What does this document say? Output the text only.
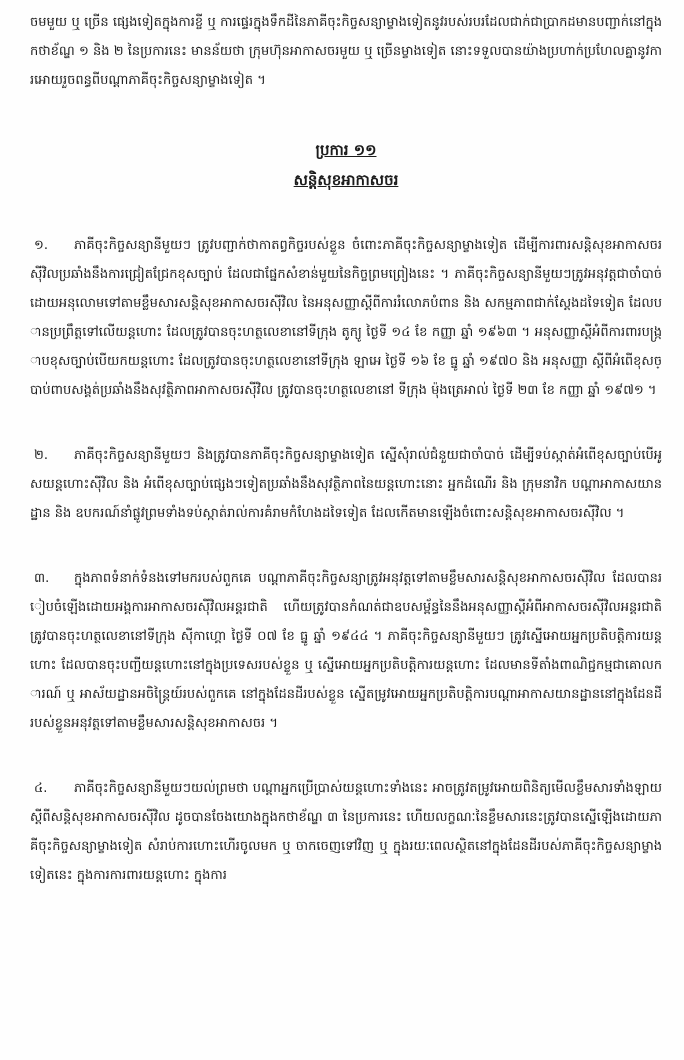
ចមមួយ ឬ ច្រើន ផ្សេងទៀតក្នុងការខ្ចី ឬ ការផ្ទេរក្នុងទឹកដីនៃភាគីចុះកិច្ចសន្យាម្ខាងទៀតនូវរបស់របរដែលជាក់ជាប្រាកដមានបញ្ជាក់នៅក្នុងកថាខ័ណ្ឌ ១ និង ២ នៃប្រការនេះ មានន័យថា ក្រុមហ៊ុនអាកាសចរមួយ ឬ ច្រើនម្ខាងទៀត នោះទទួលបានយ៉ាងប្រហាក់ប្រហែលគ្នានូវការអោយរួចពន្ធពីបណ្តាភាគីចុះកិច្ចសន្យាម្ខាងទៀត ។

ប្រការ ១១
សន្តិសុខអាកាសចរ

១. ភាគីចុះកិច្ចសន្យានីមួយៗ ត្រូវបញ្ជាក់ថាកាតព្វកិច្ចរបស់ខ្លួន ចំពោះភាគីចុះកិច្ចសន្យាម្ខាងទៀត ដើម្បីការពារសន្តិសុខអាកាសចរស៊ីវិលប្រឆាំងនឹងការជ្រៀតជ្រែកខុសច្បាប់ ដែលជាផ្នែកសំខាន់មួយនៃកិច្ចព្រមព្រៀងនេះ ។ ភាគីចុះកិច្ចសន្យានីមួយៗត្រូវអនុវត្តជាចាំបាច់ដោយអនុលោមទៅតាមខ្លឹមសារសន្តិសុខអាកាសចរស៊ីវិល នៃអនុសញ្ញាស្តីពីការរំលោភបំពាន និង សកម្មភាពជាក់ស្តែងដទៃទៀត ដែលបានប្រព្រឹត្តទៅលើយន្តហោះ ដែលត្រូវបានចុះហត្ថលេខានៅទីក្រុង តូក្យូ ថ្ងៃទី ១៤ ខែ កញ្ញា ឆ្នាំ ១៩៦៣ ។ អនុសញ្ញាស្តីអំពីការពារបង្ក្រាបខុសច្បាប់បើយកយន្តហោះ ដែលត្រូវបានចុះហត្ថលេខានៅទីក្រុង ឡាអេ ថ្ងៃទី ១៦ ខែ ធ្នូ ឆ្នាំ ១៩៧០ និង អនុសញ្ញា ស្តីពីអំពើខុសច្បាប់ពាបសង្គត់ប្រឆាំងនឹងសុវត្ថិភាពអាកាសចរស៊ីវិល ត្រូវបានចុះហត្ថលេខានៅ ទីក្រុង ម៉ុងត្រេអាល់ ថ្ងៃទី ២៣ ខែ កញ្ញា ឆ្នាំ ១៩៧១ ។

២. ភាគីចុះកិច្ចសន្យានីមួយៗ និងត្រូវបានភាគីចុះកិច្ចសន្យាម្ខាងទៀត ស្នើសុំរាល់ជំនួយជាចាំបាច់ ដើម្បីទប់ស្កាត់អំពើខុសច្បាប់បើអូសយន្តហោះស៊ីវិល និង អំពើខុសច្បាប់ផ្សេងៗទៀតប្រឆាំងនឹងសុវត្ថិភាពនៃយន្តហោះនោះ អ្នកដំណើរ និង ក្រុមនាវិក បណ្តាអាកាសយានដ្ឋាន និង ឧបករណ៍នាំផ្លូវព្រមទាំងទប់ស្កាត់រាល់ការគំរាមកំហែងដទៃទៀត ដែលកើតមានឡើងចំពោះសន្តិសុខអាកាសចរស៊ីវិល ។

៣. ក្នុងភាពទំនាក់ទំនងទៅមករបស់ពួកគេ បណ្តាភាគីចុះកិច្ចសន្យាត្រូវអនុវត្តទៅតាមខ្លឹមសារសន្តិសុខអាកាសចរស៊ីវិល ដែលបានរៀបចំឡើងដោយអង្គការអាកាសចរស៊ីវិលអន្តរជាតិ ហើយត្រូវបានកំណត់ជាឧបសម្ព័ន្ធនៃនឹងអនុសញ្ញាស្តីអំពីអាកាសចរស៊ីវិលអន្តរជាតិ ត្រូវបានចុះហត្ថលេខានៅទីក្រុង ស៊ីកាហ្គោ ថ្ងៃទី ០៧ ខែ ធ្នូ ឆ្នាំ ១៩៤៤ ។ ភាគីចុះកិច្ចសន្យានីមួយៗ ត្រូវស្នើអោយអ្នកប្រតិបត្តិការយន្តហោះ ដែលបានចុះបញ្ជីយន្តហោះនៅក្នុងប្រទេសរបស់ខ្លួន ឬ ស្នើអោយអ្នកប្រតិបត្តិការយន្តហោះ ដែលមានទីតាំងពាណិជ្ជកម្មជាគោលការណ៍ ឬ អាស័យដ្ឋានអចិន្ត្រៃយ៍របស់ពួកគេ នៅក្នុងដែនដីរបស់ខ្លួន ស្នើតម្រូវអោយអ្នកប្រតិបត្តិការបណ្តាអាកាសយានដ្ឋាននៅក្នុងដែនដីរបស់ខ្លួនអនុវត្តទៅតាមខ្លឹមសារសន្តិសុខអាកាសចរ ។

៤. ភាគីចុះកិច្ចសន្យានីមួយៗយល់ព្រមថា បណ្តាអ្នកប្រើប្រាស់យន្តហោះទាំងនេះ អាចត្រូវតម្រូវអោយពិនិត្យមើលខ្លឹមសារទាំងឡាយ ស្តីពីសន្តិសុខអាកាសចរស៊ីវិល ដូចបានចែងយោងក្នុងកថាខ័ណ្ឌ ៣ នៃប្រការនេះ ហើយលក្ខណៈនៃខ្លឹមសារនេះត្រូវបានស្នើឡើងដោយភាគីចុះកិច្ចសន្យាម្ខាងទៀត សំរាប់ការហោះហើរចូលមក ឬ ចាកចេញទៅវិញ ឬ ក្នុងរយៈពេលស្ថិតនៅក្នុងដែនដីរបស់ភាគីចុះកិច្ចសន្យាម្ខាងទៀតនេះ ក្នុងការការពារយន្តហោះ ក្នុងការ
